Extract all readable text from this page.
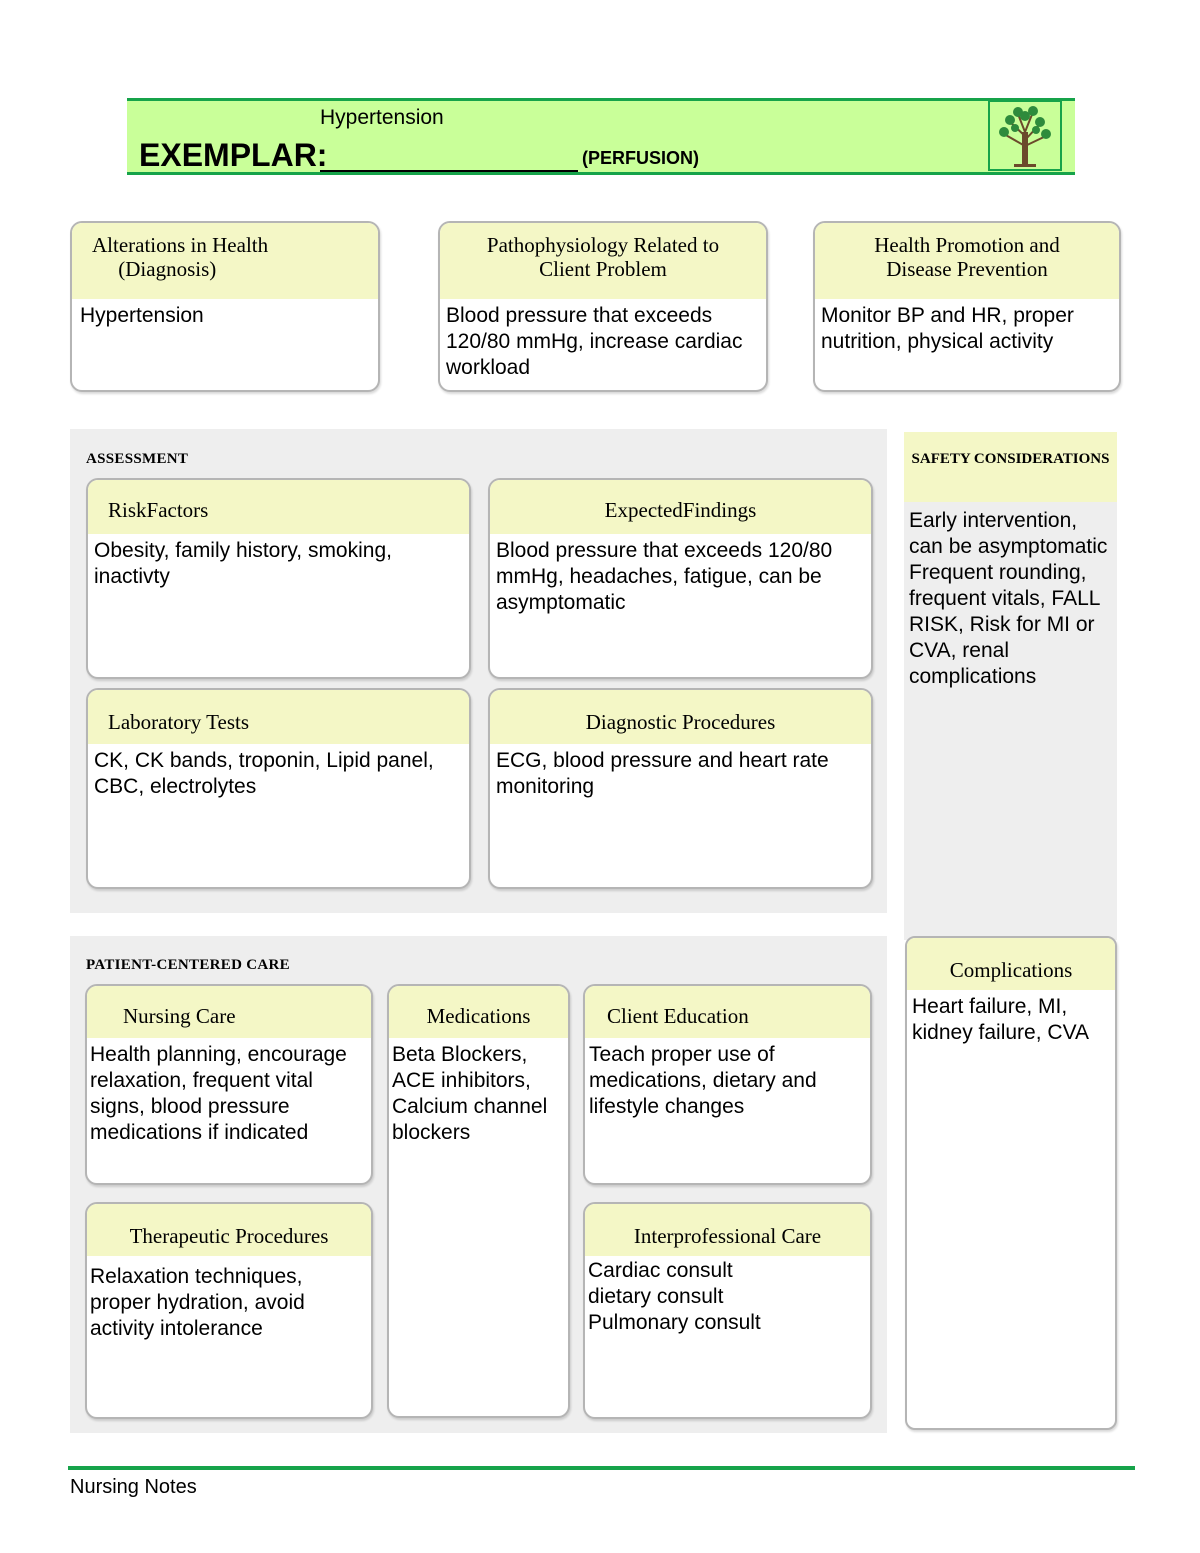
Hypertension
EXEMPLAR:	(PERFUSION)
Alterations in Health
(Diagnosis)
Hypertension
Pathophysiology Related to
Client Problem
Blood pressure that exceeds 120/80 mmHg, increase cardiac workload
Health Promotion and
Disease Prevention
Monitor BP and HR, proper nutrition, physical activity
ASSESSMENT
RiskFactors
Obesity, family history, smoking, inactivty
ExpectedFindings
Blood pressure that exceeds 120/80 mmHg, headaches, fatigue, can be asymptomatic
Laboratory Tests
CK, CK bands, troponin, Lipid panel, CBC, electrolytes
Diagnostic Procedures
ECG, blood pressure and heart rate monitoring
SAFETY CONSIDERATIONS
Early intervention, can be asymptomatic Frequent rounding, frequent vitals, FALL RISK, Risk for MI or CVA, renal complications
PATIENT-CENTERED CARE
Nursing Care
Health planning, encourage relaxation, frequent vital signs, blood pressure medications if indicated
Medications
Beta Blockers, ACE inhibitors, Calcium channel blockers
Client Education
Teach proper use of medications, dietary and lifestyle changes
Therapeutic Procedures
Relaxation techniques, proper hydration, avoid activity intolerance
Interprofessional Care
Cardiac consult
dietary consult
Pulmonary consult
Complications
Heart failure, MI, kidney failure, CVA
Nursing Notes
